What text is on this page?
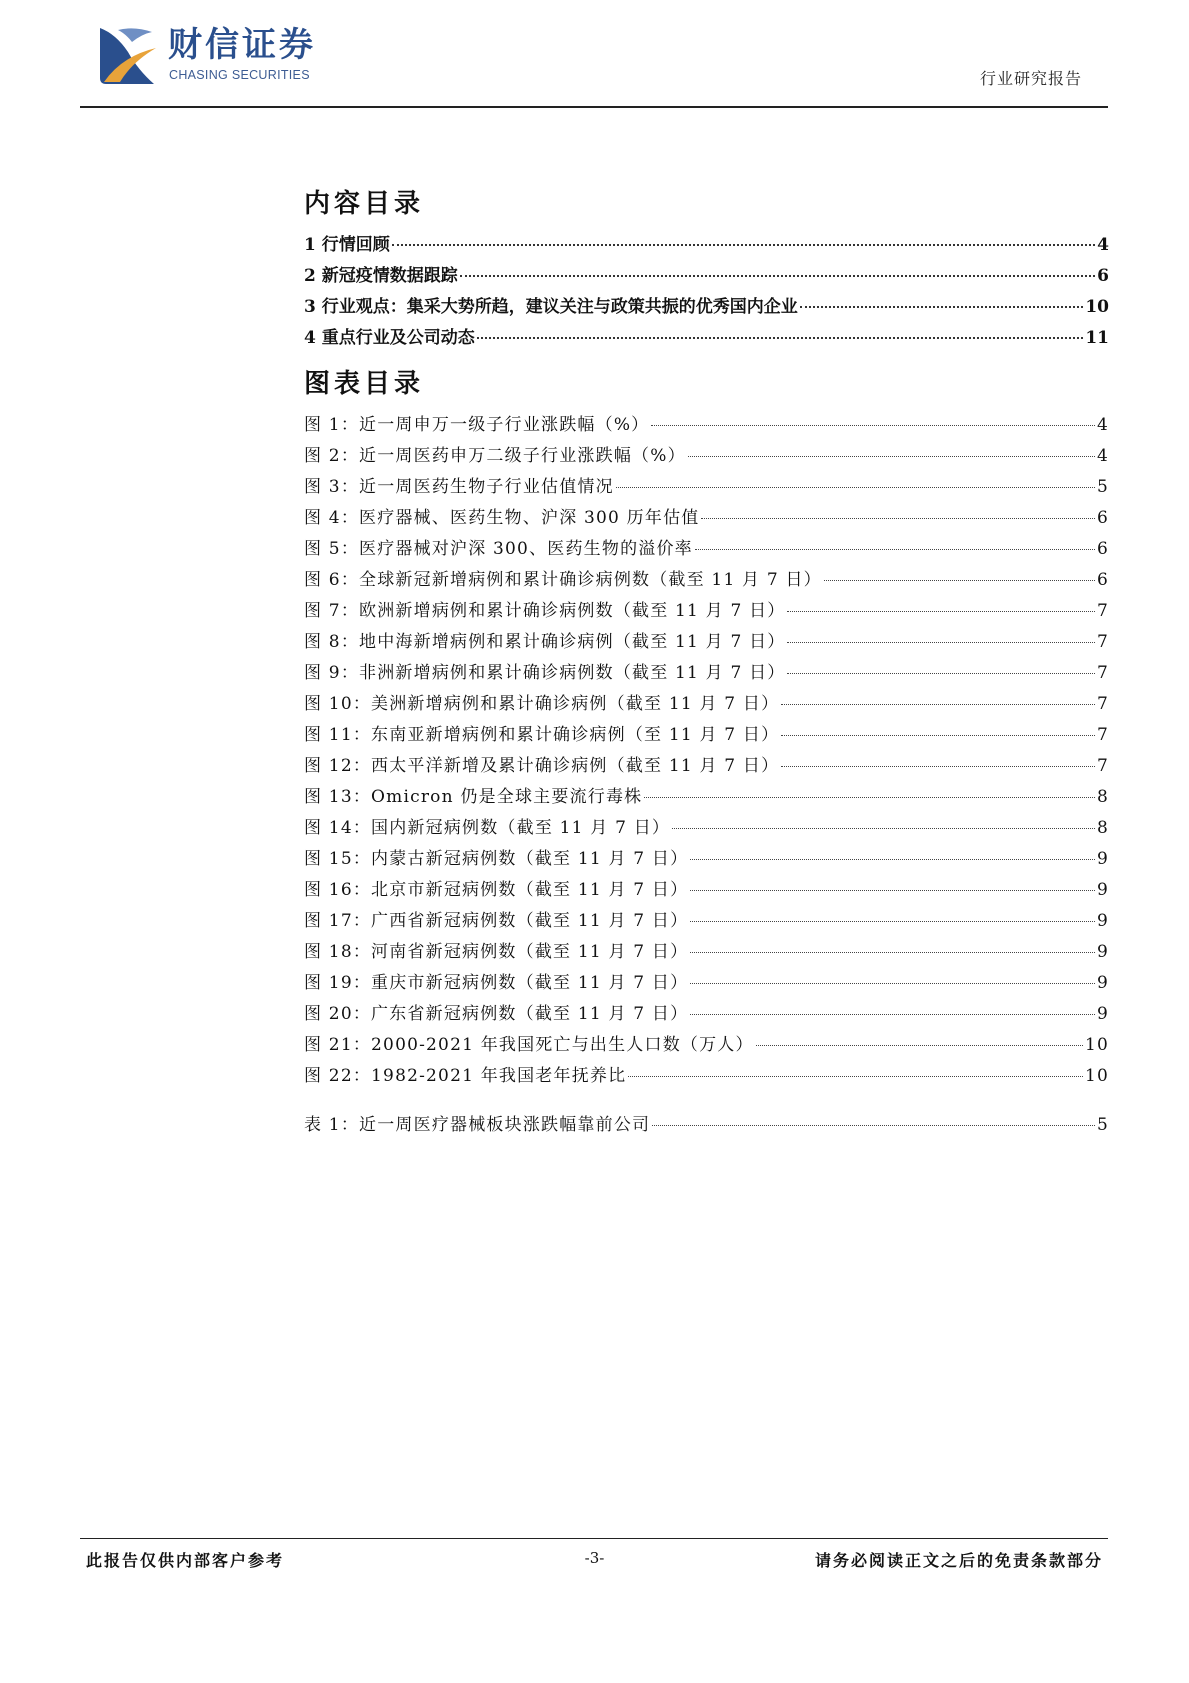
财信证券
CHASING SECURITIES	行业研究报告
内容目录
1 行情回顾	4
2 新冠疫情数据跟踪	6
3 行业观点：集采大势所趋，建议关注与政策共振的优秀国内企业	10
4 重点行业及公司动态	11
图表目录
图 1：近一周申万一级子行业涨跌幅（%）	4
图 2：近一周医药申万二级子行业涨跌幅（%）	4
图 3：近一周医药生物子行业估值情况	5
图 4：医疗器械、医药生物、沪深 300 历年估值	6
图 5：医疗器械对沪深 300、医药生物的溢价率	6
图 6：全球新冠新增病例和累计确诊病例数（截至 11 月 7 日）	6
图 7：欧洲新增病例和累计确诊病例数（截至 11 月 7 日）	7
图 8：地中海新增病例和累计确诊病例（截至 11 月 7 日）	7
图 9：非洲新增病例和累计确诊病例数（截至 11 月 7 日）	7
图 10：美洲新增病例和累计确诊病例（截至 11 月 7 日）	7
图 11：东南亚新增病例和累计确诊病例（至 11 月 7 日）	7
图 12：西太平洋新增及累计确诊病例（截至 11 月 7 日）	7
图 13：Omicron 仍是全球主要流行毒株	8
图 14：国内新冠病例数（截至 11 月 7 日）	8
图 15：内蒙古新冠病例数（截至 11 月 7 日）	9
图 16：北京市新冠病例数（截至 11 月 7 日）	9
图 17：广西省新冠病例数（截至 11 月 7 日）	9
图 18：河南省新冠病例数（截至 11 月 7 日）	9
图 19：重庆市新冠病例数（截至 11 月 7 日）	9
图 20：广东省新冠病例数（截至 11 月 7 日）	9
图 21：2000-2021 年我国死亡与出生人口数（万人）	10
图 22：1982-2021 年我国老年抚养比	10
表 1：近一周医疗器械板块涨跌幅靠前公司	5
此报告仅供内部客户参考	-3-	请务必阅读正文之后的免责条款部分
